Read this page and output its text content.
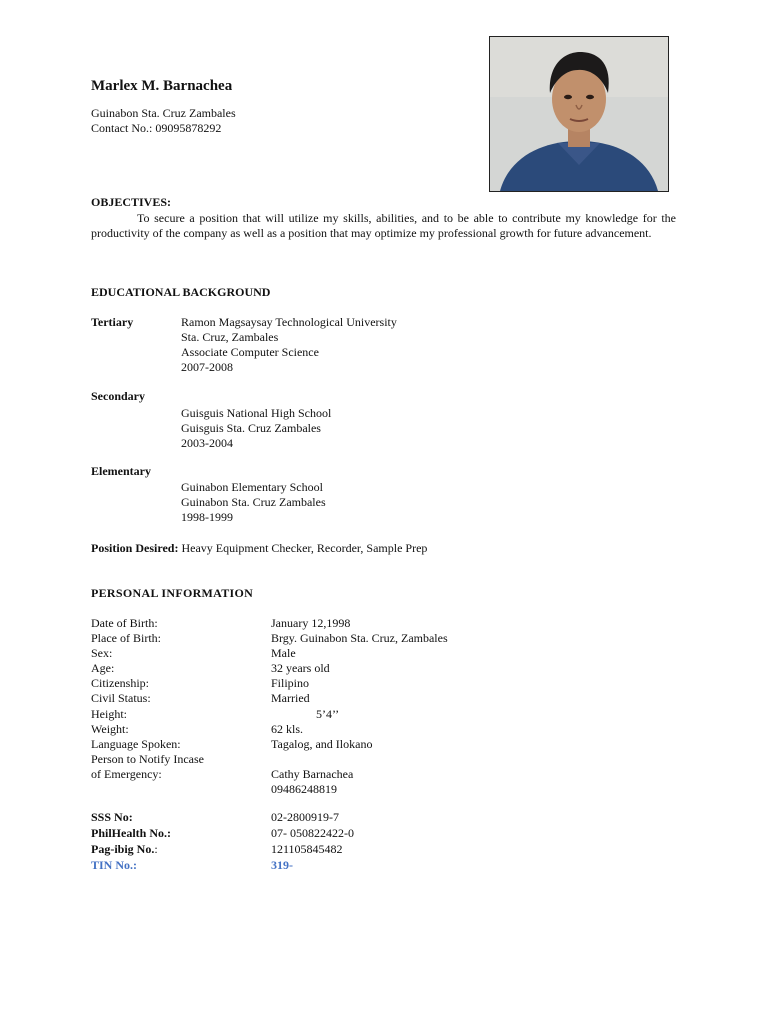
Marlex M. Barnachea
Guinabon Sta. Cruz Zambales
Contact No.: 09095878292
OBJECTIVES:
To secure a position that will utilize my skills, abilities, and to be able to contribute my knowledge for the productivity of the company as well as a position that may optimize my professional growth for future advancement.
EDUCATIONAL BACKGROUND
Tertiary	Ramon Magsaysay Technological University
Sta. Cruz, Zambales
Associate Computer Science
2007-2008
Secondary
Guisguis National High School
Guisguis Sta. Cruz Zambales
2003-2004
Elementary
Guinabon Elementary School
Guinabon Sta. Cruz Zambales
1998-1999
Position Desired: Heavy Equipment Checker, Recorder, Sample Prep
PERSONAL INFORMATION
Date of Birth:	January 12,1998
Place of Birth:	Brgy. Guinabon Sta. Cruz, Zambales
Sex:	Male
Age:	32 years old
Citizenship:	Filipino
Civil Status:	Married
Height:	5’4’’
Weight:	62 kls.
Language Spoken:	Tagalog, and Ilokano
Person to Notify Incase
of Emergency:	Cathy Barnachea
09486248819
SSS No:	02-2800919-7
PhilHealth No.:	07- 050822422-0
Pag-ibig No.:	121105845482
TIN No.:	319-
